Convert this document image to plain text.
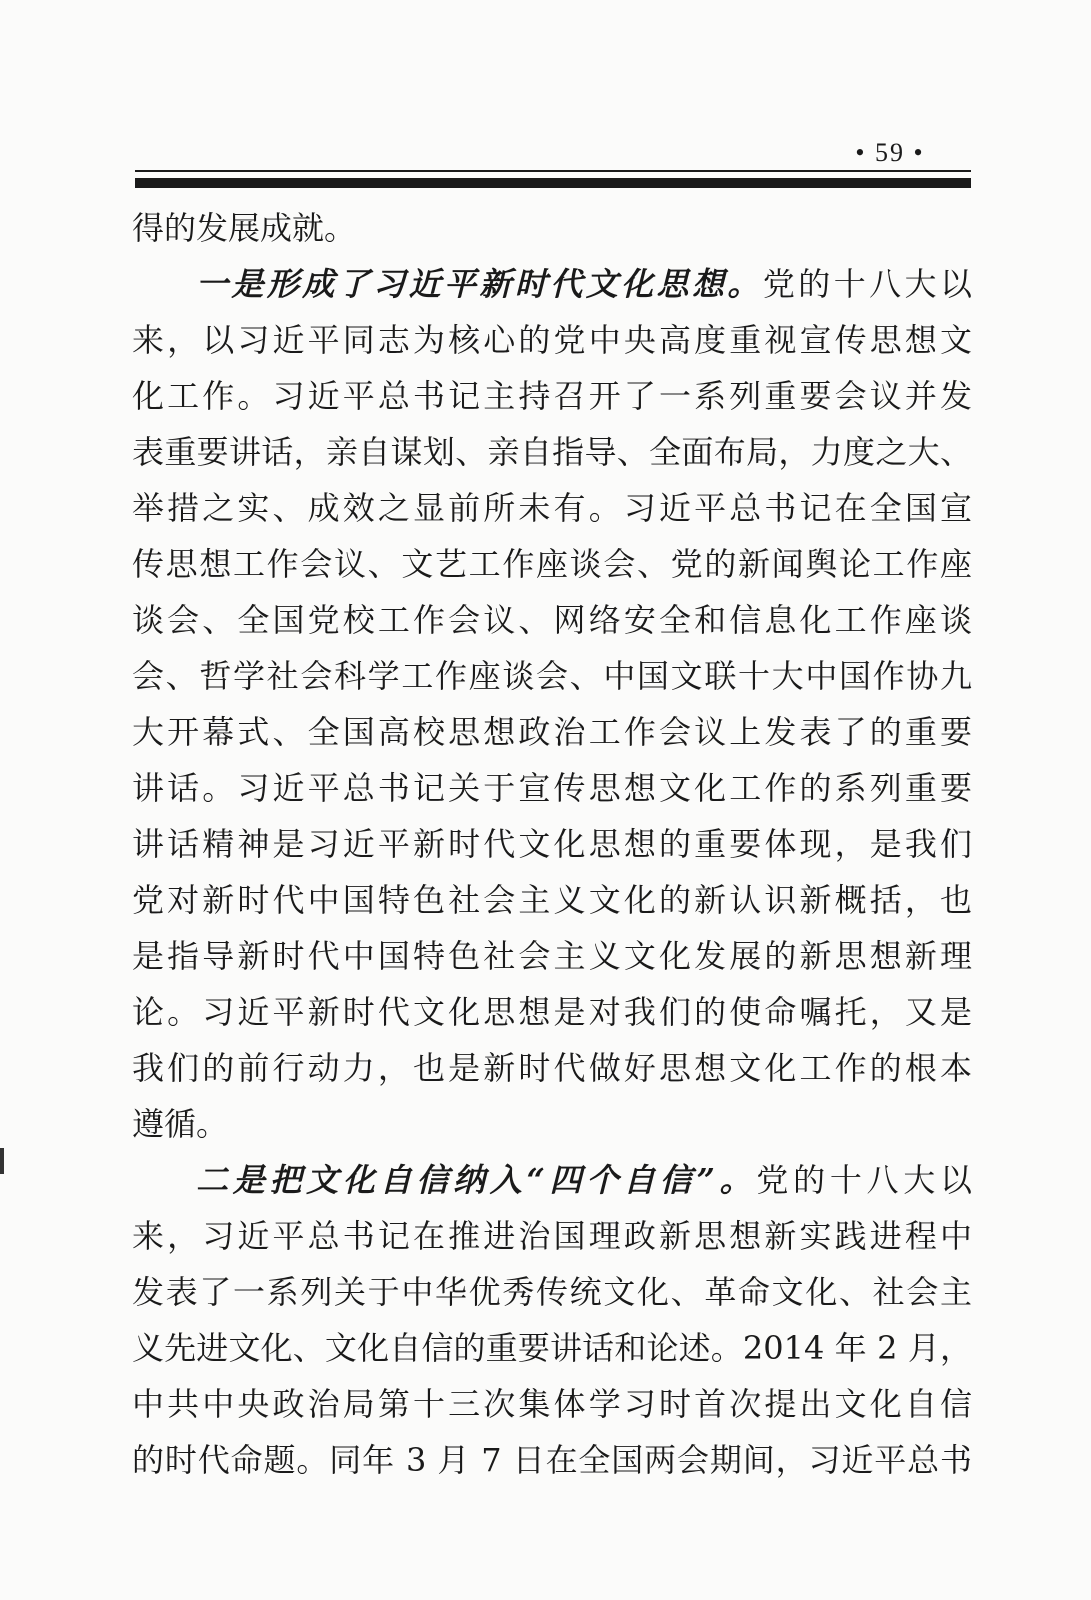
• 59 •
得的发展成就。
一是形成了习近平新时代文化思想。党的十八大以
来，以习近平同志为核心的党中央高度重视宣传思想文
化工作。习近平总书记主持召开了一系列重要会议并发
表重要讲话，亲自谋划、亲自指导、全面布局，力度之大、
举措之实、成效之显前所未有。习近平总书记在全国宣
传思想工作会议、文艺工作座谈会、党的新闻舆论工作座
谈会、全国党校工作会议、网络安全和信息化工作座谈
会、哲学社会科学工作座谈会、中国文联十大中国作协九
大开幕式、全国高校思想政治工作会议上发表了的重要
讲话。习近平总书记关于宣传思想文化工作的系列重要
讲话精神是习近平新时代文化思想的重要体现，是我们
党对新时代中国特色社会主义文化的新认识新概括，也
是指导新时代中国特色社会主义文化发展的新思想新理
论。习近平新时代文化思想是对我们的使命嘱托，又是
我们的前行动力，也是新时代做好思想文化工作的根本
遵循。
二是把文化自信纳入“四个自信”。党的十八大以
来，习近平总书记在推进治国理政新思想新实践进程中
发表了一系列关于中华优秀传统文化、革命文化、社会主
义先进文化、文化自信的重要讲话和论述。2014 年 2 月，
中共中央政治局第十三次集体学习时首次提出文化自信
的时代命题。同年 3 月 7 日在全国两会期间，习近平总书
